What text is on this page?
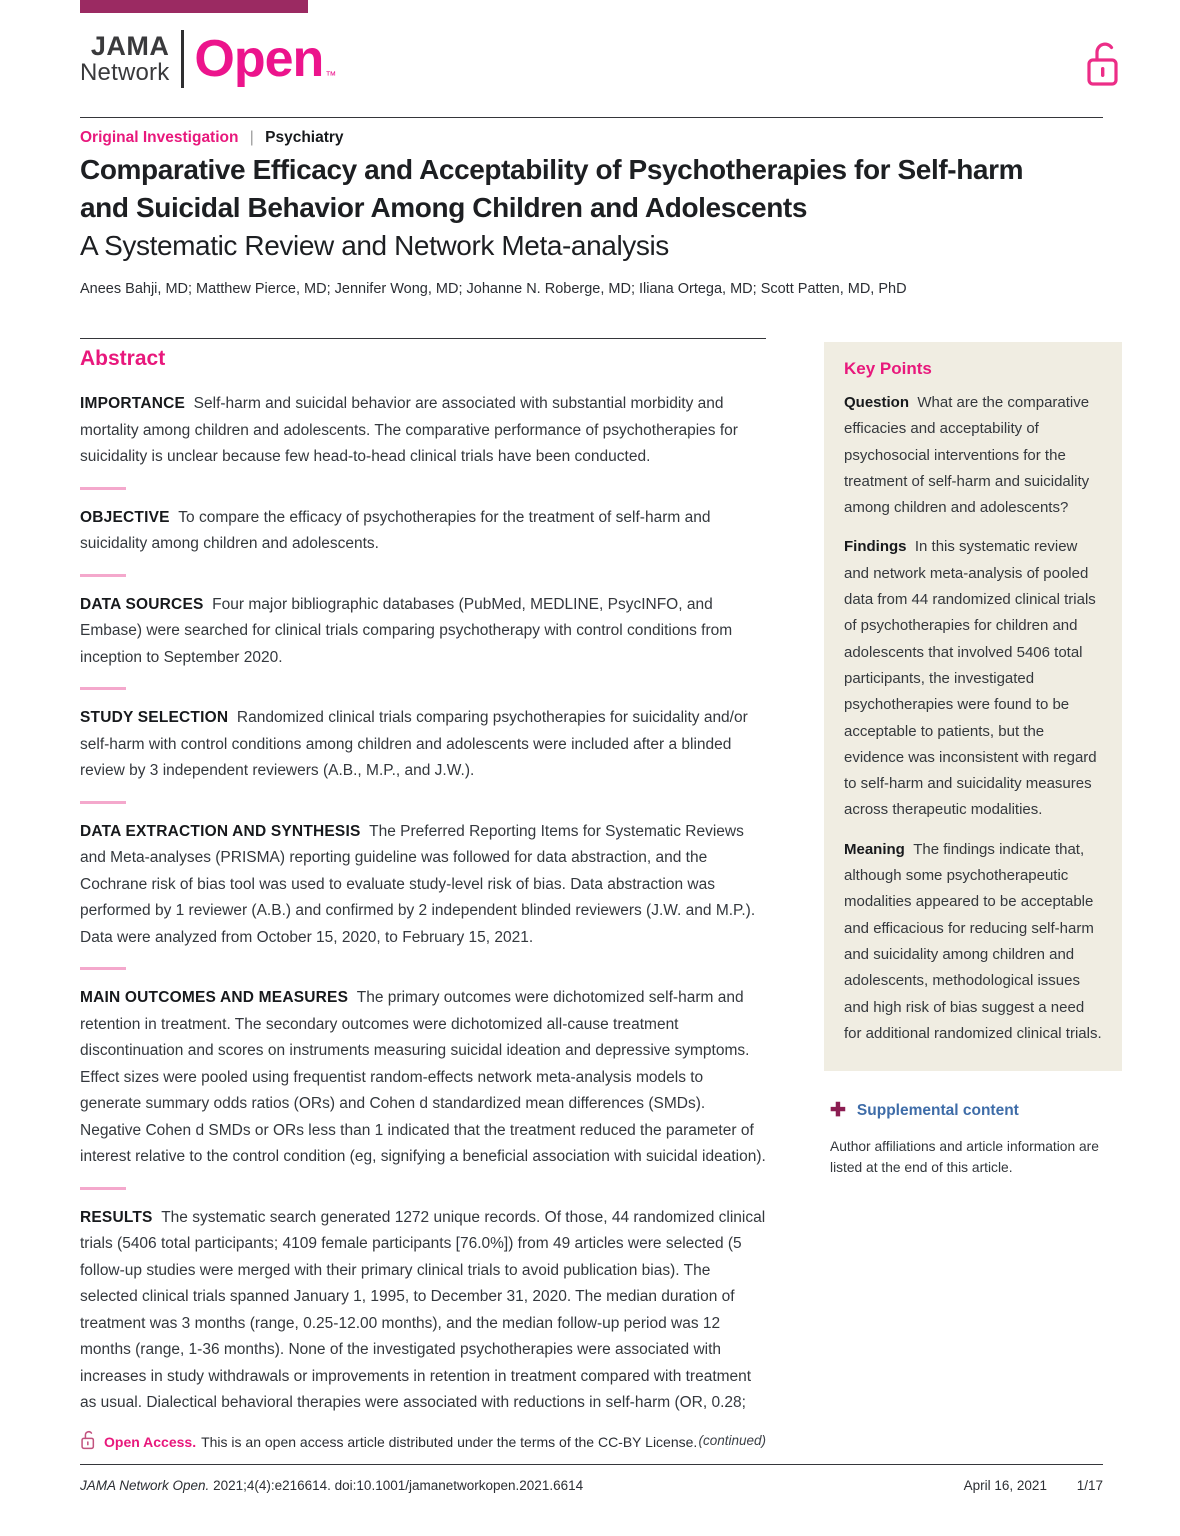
JAMA
Network Open ™
Original Investigation | Psychiatry
Comparative Efficacy and Acceptability of Psychotherapies for Self-harm and Suicidal Behavior Among Children and Adolescents
A Systematic Review and Network Meta-analysis
Anees Bahji, MD; Matthew Pierce, MD; Jennifer Wong, MD; Johanne N. Roberge, MD; Iliana Ortega, MD; Scott Patten, MD, PhD
Abstract

IMPORTANCE Self-harm and suicidal behavior are associated with substantial morbidity and mortality among children and adolescents. The comparative performance of psychotherapies for suicidality is unclear because few head-to-head clinical trials have been conducted.

OBJECTIVE To compare the efficacy of psychotherapies for the treatment of self-harm and suicidality among children and adolescents.

DATA SOURCES Four major bibliographic databases (PubMed, MEDLINE, PsycINFO, and Embase) were searched for clinical trials comparing psychotherapy with control conditions from inception to September 2020.

STUDY SELECTION Randomized clinical trials comparing psychotherapies for suicidality and/or self-harm with control conditions among children and adolescents were included after a blinded review by 3 independent reviewers (A.B., M.P., and J.W.).

DATA EXTRACTION AND SYNTHESIS The Preferred Reporting Items for Systematic Reviews and Meta-analyses (PRISMA) reporting guideline was followed for data abstraction, and the Cochrane risk of bias tool was used to evaluate study-level risk of bias. Data abstraction was performed by 1 reviewer (A.B.) and confirmed by 2 independent blinded reviewers (J.W. and M.P.). Data were analyzed from October 15, 2020, to February 15, 2021.

MAIN OUTCOMES AND MEASURES The primary outcomes were dichotomized self-harm and retention in treatment. The secondary outcomes were dichotomized all-cause treatment discontinuation and scores on instruments measuring suicidal ideation and depressive symptoms. Effect sizes were pooled using frequentist random-effects network meta-analysis models to generate summary odds ratios (ORs) and Cohen d standardized mean differences (SMDs). Negative Cohen d SMDs or ORs less than 1 indicated that the treatment reduced the parameter of interest relative to the control condition (eg, signifying a beneficial association with suicidal ideation).

RESULTS The systematic search generated 1272 unique records. Of those, 44 randomized clinical trials (5406 total participants; 4109 female participants [76.0%]) from 49 articles were selected (5 follow-up studies were merged with their primary clinical trials to avoid publication bias). The selected clinical trials spanned January 1, 1995, to December 31, 2020. The median duration of treatment was 3 months (range, 0.25-12.00 months), and the median follow-up period was 12 months (range, 1-36 months). None of the investigated psychotherapies were associated with increases in study withdrawals or improvements in retention in treatment compared with treatment as usual. Dialectical behavioral therapies were associated with reductions in self-harm (OR, 0.28;

(continued)
Key Points

Question What are the comparative efficacies and acceptability of psychosocial interventions for the treatment of self-harm and suicidality among children and adolescents?

Findings In this systematic review and network meta-analysis of pooled data from 44 randomized clinical trials of psychotherapies for children and adolescents that involved 5406 total participants, the investigated psychotherapies were found to be acceptable to patients, but the evidence was inconsistent with regard to self-harm and suicidality measures across therapeutic modalities.

Meaning The findings indicate that, although some psychotherapeutic modalities appeared to be acceptable and efficacious for reducing self-harm and suicidality among children and adolescents, methodological issues and high risk of bias suggest a need for additional randomized clinical trials.

✚ Supplemental content
Author affiliations and article information are listed at the end of this article.
Open Access. This is an open access article distributed under the terms of the CC-BY License.
JAMA Network Open. 2021;4(4):e216614. doi:10.1001/jamanetworkopen.2021.6614	April 16, 2021 1/17
